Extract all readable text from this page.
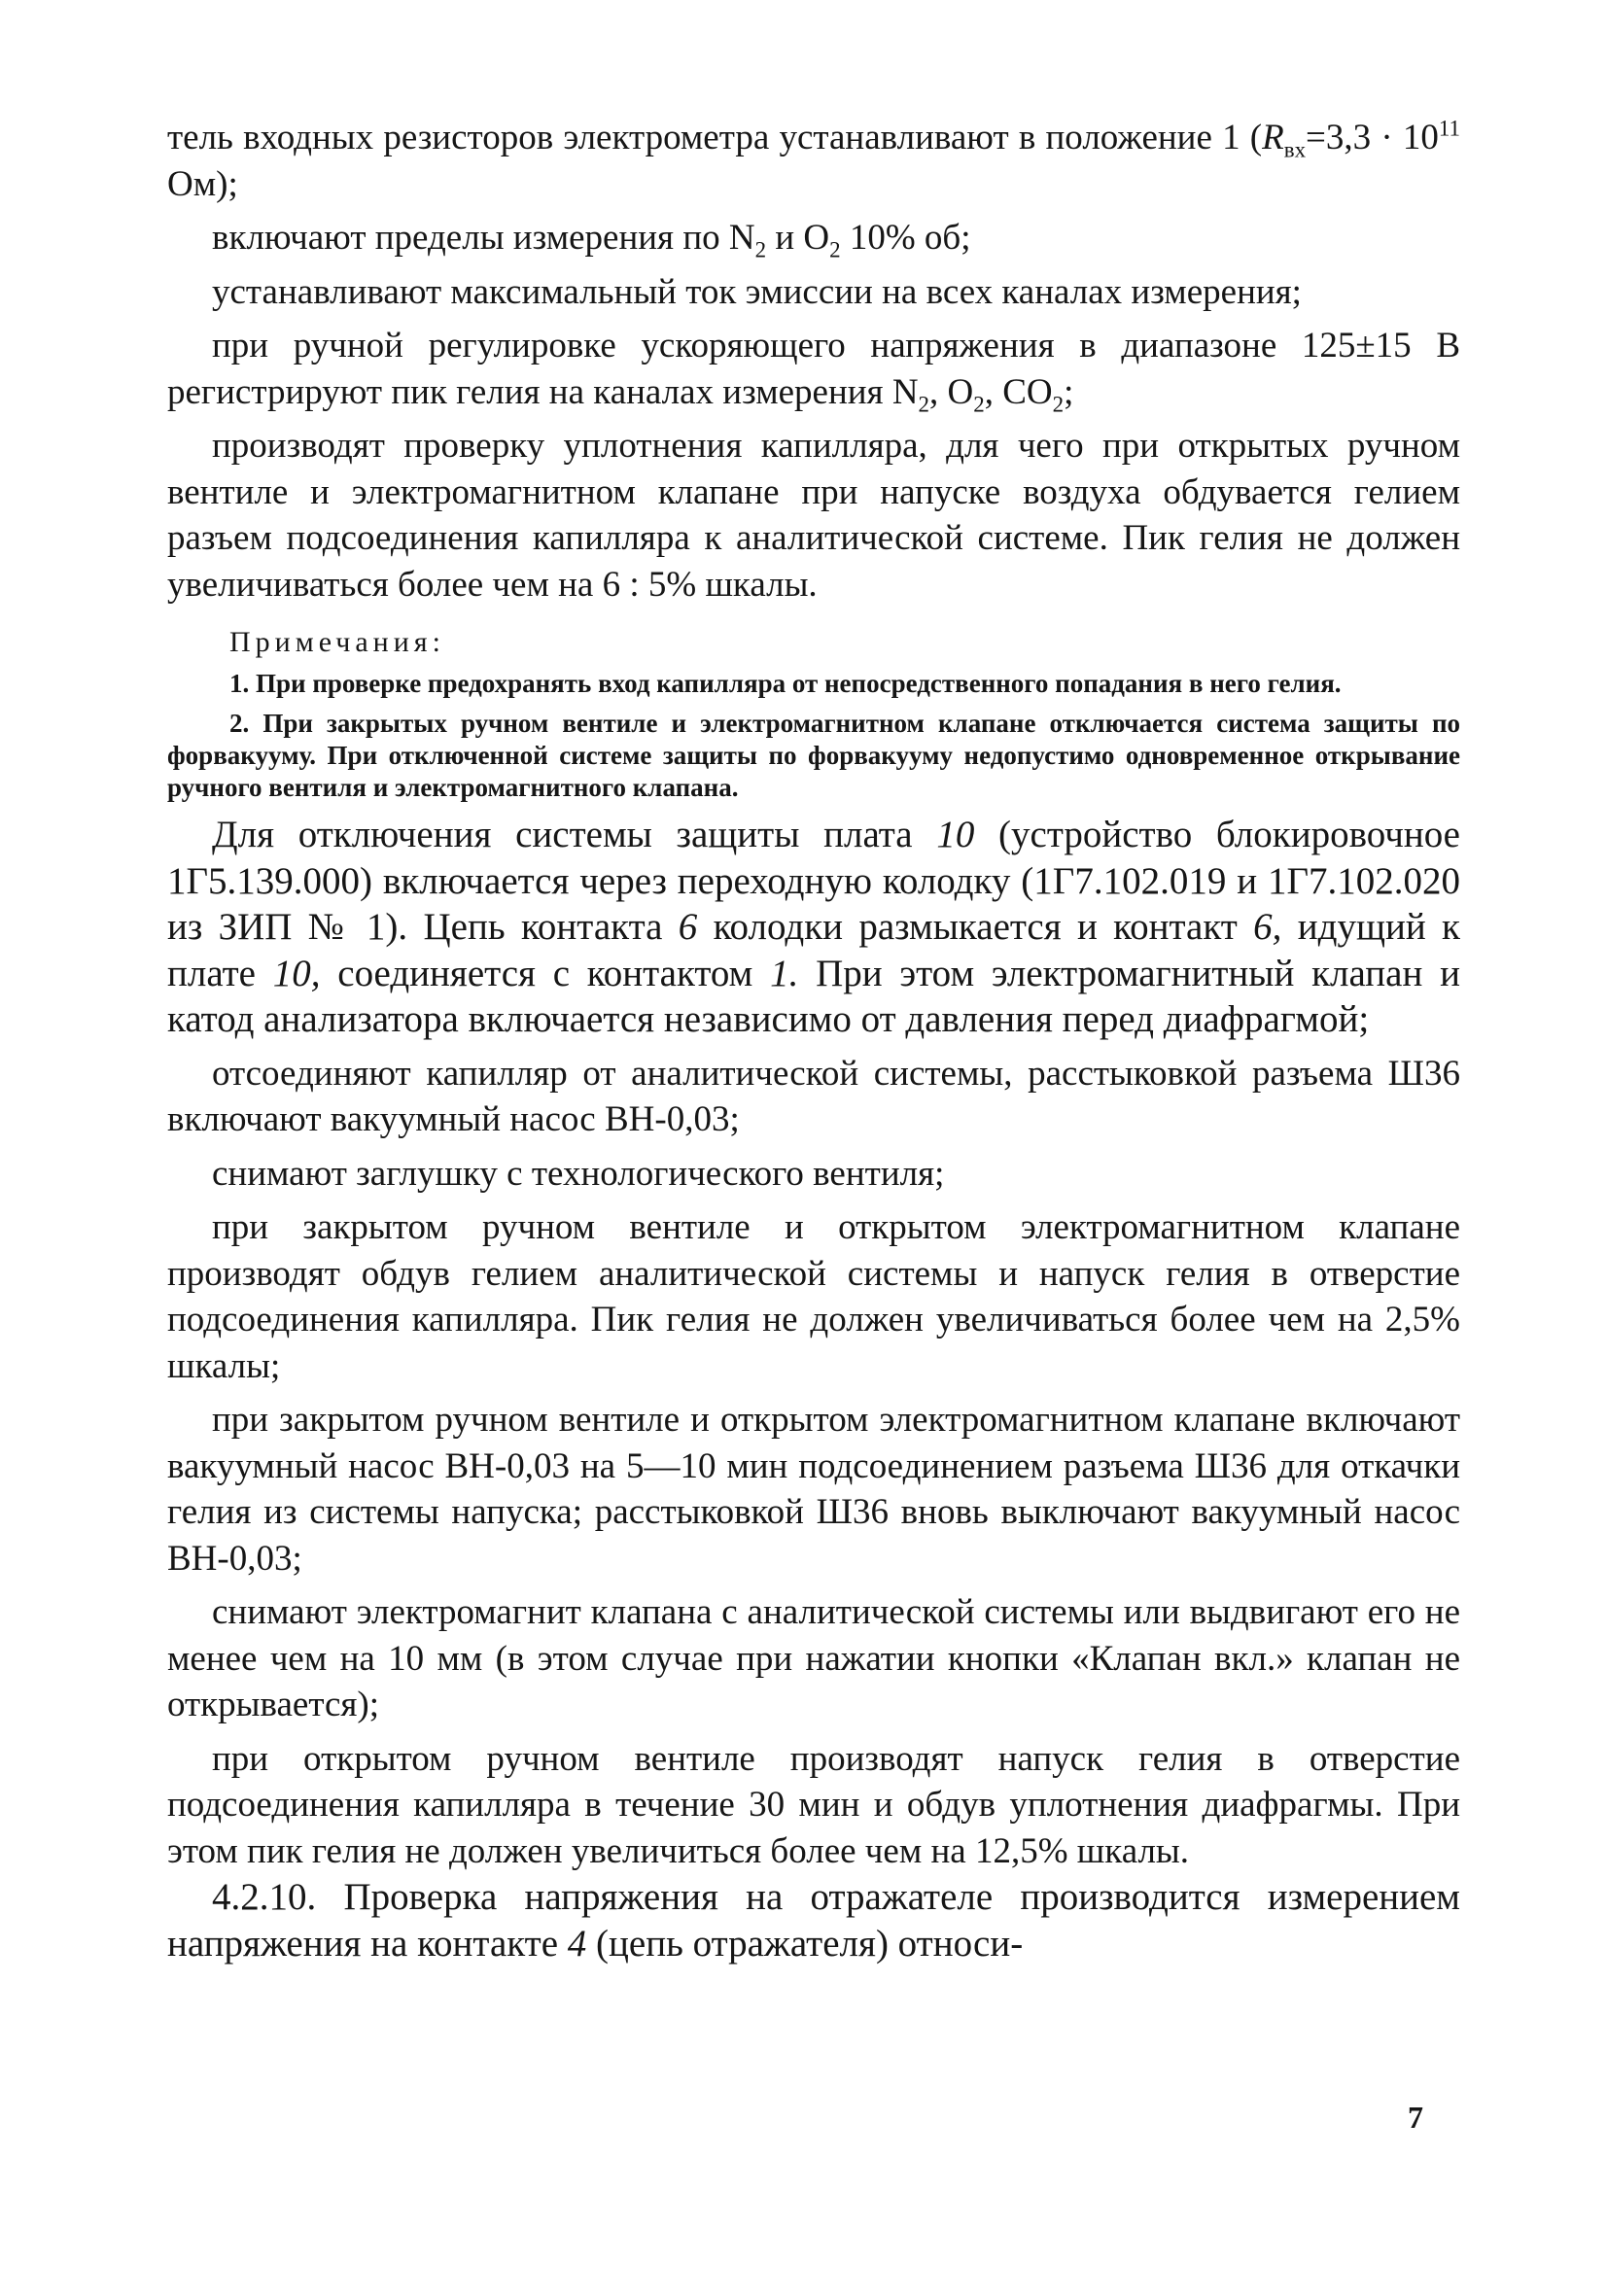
тель входных резисторов электрометра устанавливают в положение 1 ($R_{вх}=3,3 \cdot 10^{11}$ Ом);

включают пределы измерения по $N_2$ и $O_2$ 10% об;

устанавливают максимальный ток эмиссии на всех каналах измерения;

при ручной регулировке ускоряющего напряжения в диапазоне 125±15 В регистрируют пик гелия на каналах измерения $N_2$, $O_2$, $CO_2$;

производят проверку уплотнения капилляра, для чего при открытых ручном вентиле и электромагнитном клапане при напуске воздуха обдувается гелием разъем подсоединения капилляра к аналитической системе. Пик гелия не должен увеличиваться более чем на 6 : 5% шкалы.

Примечания:

1. При проверке предохранять вход капилляра от непосредственного попадания в него гелия.

2. При закрытых ручном вентиле и электромагнитном клапане отключается система защиты по форвакууму. При отключенной системе защиты по форвакууму недопустимо одновременное открывание ручного вентиля и электромагнитного клапана.

Для отключения системы защиты плата 10 (устройство блокировочное 1Г5.139.000) включается через переходную колодку (1Г7.102.019 и 1Г7.102.020 из ЗИП № 1). Цепь контакта 6 колодки размыкается и контакт 6, идущий к плате 10, соединяется с контактом 1. При этом электромагнитный клапан и катод анализатора включается независимо от давления перед диафрагмой;

отсоединяют капилляр от аналитической системы, расстыковкой разъема Ш36 включают вакуумный насос ВН-0,03;

снимают заглушку с технологического вентиля;

при закрытом ручном вентиле и открытом электромагнитном клапане производят обдув гелием аналитической системы и напуск гелия в отверстие подсоединения капилляра. Пик гелия не должен увеличиваться более чем на 2,5% шкалы;

при закрытом ручном вентиле и открытом электромагнитном клапане включают вакуумный насос ВН-0,03 на 5—10 мин подсоединением разъема Ш36 для откачки гелия из системы напуска; расстыковкой Ш36 вновь выключают вакуумный насос ВН-0,03;

снимают электромагнит клапана с аналитической системы или выдвигают его не менее чем на 10 мм (в этом случае при нажатии кнопки «Клапан вкл.» клапан не открывается);

при открытом ручном вентиле производят напуск гелия в отверстие подсоединения капилляра в течение 30 мин и обдув уплотнения диафрагмы. При этом пик гелия не должен увеличиться более чем на 12,5% шкалы.

4.2.10. Проверка напряжения на отражателе производится измерением напряжения на контакте 4 (цепь отражателя) относи-

7
